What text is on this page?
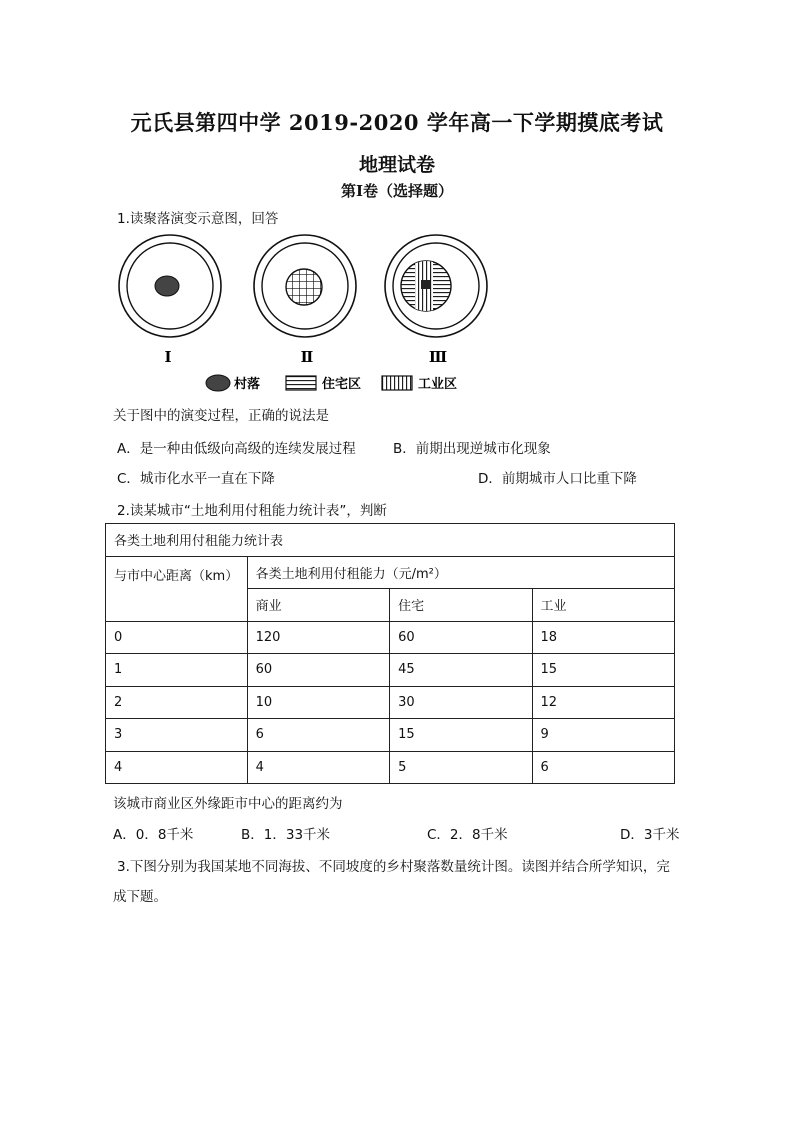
元氏县第四中学 2019-2020 学年高一下学期摸底考试
地理试卷
第Ⅰ卷（选择题）
1.读聚落演变示意图，回答
Ⅰ	Ⅱ	Ⅲ
村落	住宅区	工业区
关于图中的演变过程，正确的说法是
A．是一种由低级向高级的连续发展过程	B．前期出现逆城市化现象
C．城市化水平一直在下降	D．前期城市人口比重下降
2.读某城市“土地利用付租能力统计表”，判断
各类土地利用付租能力统计表			
与市中心距离（km）	各类土地利用付租能力（元/m²）		
	商业	住宅	工业
0	120	60	18
1	60	45	15
2	10	30	12
3	6	15	9
4	4	5	6
该城市商业区外缘距市中心的距离约为
A．0．8千米	B．1．33千米	C．2．8千米	D．3千米
3.下图分别为我国某地不同海拔、不同坡度的乡村聚落数量统计图。读图并结合所学知识，完
成下题。
